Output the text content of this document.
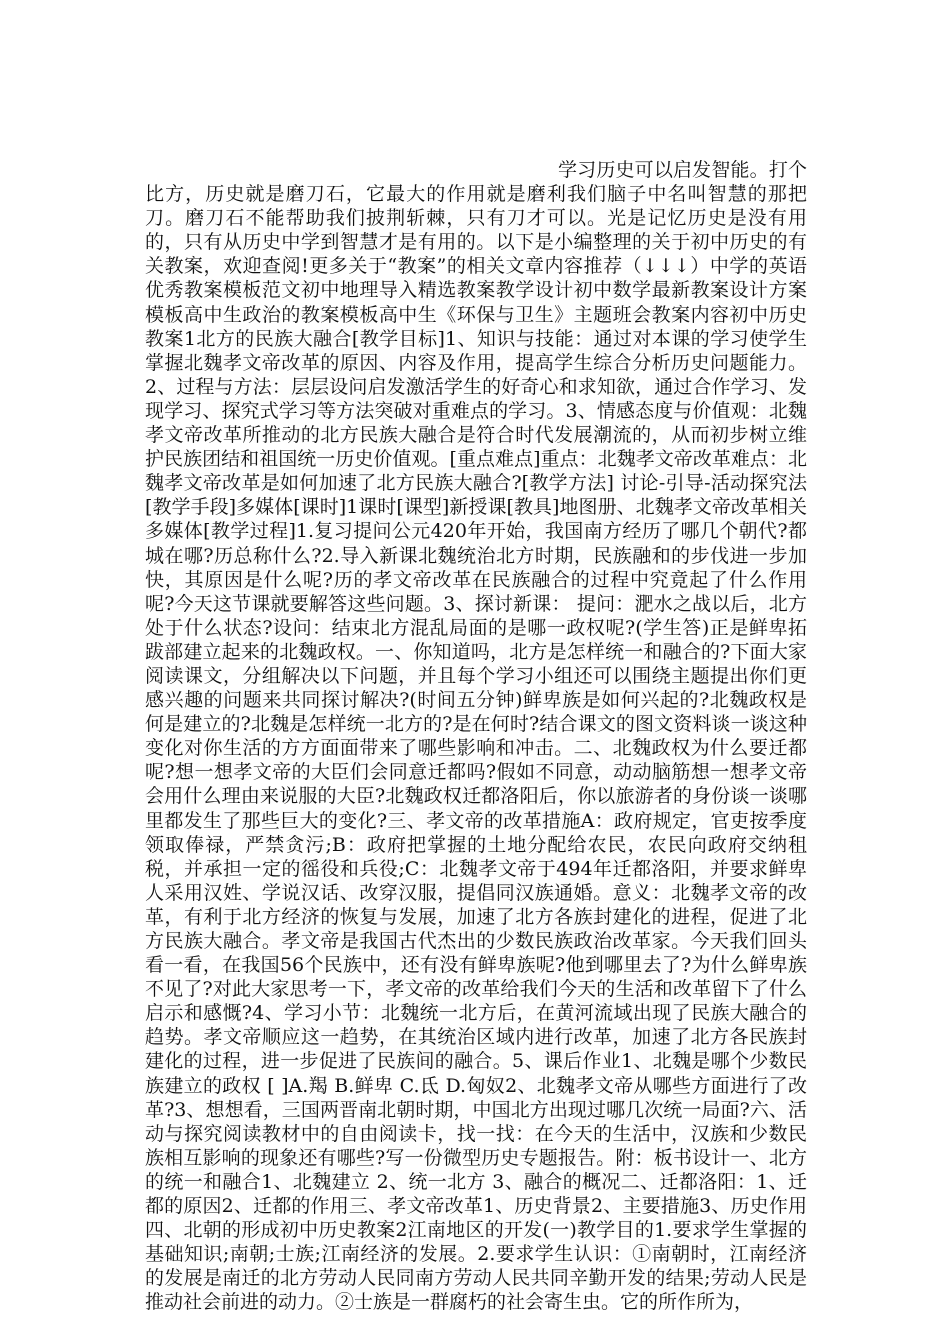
学习历史可以启发智能。打个比方，历史就是磨刀石，它最大的作用就是磨利我们脑子中名叫智慧的那把刀。磨刀石不能帮助我们披荆斩棘，只有刀才可以。光是记忆历史是没有用的，只有从历史中学到智慧才是有用的。以下是小编整理的关于初中历史的有关教案，欢迎查阅!更多关于“教案”的相关文章内容推荐（↓↓↓）中学的英语优秀教案模板范文初中地理导入精选教案教学设计初中数学最新教案设计方案模板高中生政治的教案模板高中生《环保与卫生》主题班会教案内容初中历史教案1北方的民族大融合[教学目标]1、知识与技能：通过对本课的学习使学生掌握北魏孝文帝改革的原因、内容及作用，提高学生综合分析历史问题能力。2、过程与方法：层层设问启发激活学生的好奇心和求知欲，通过合作学习、发现学习、探究式学习等方法突破对重难点的学习。3、情感态度与价值观：北魏孝文帝改革所推动的北方民族大融合是符合时代发展潮流的，从而初步树立维护民族团结和祖国统一历史价值观。[重点难点]重点：北魏孝文帝改革难点：北魏孝文帝改革是如何加速了北方民族大融合?[教学方法] 讨论-引导-活动探究法[教学手段]多媒体[课时]1课时[课型]新授课[教具]地图册、北魏孝文帝改革相关多媒体[教学过程]1.复习提问公元420年开始，我国南方经历了哪几个朝代?都城在哪?历总称什么?2.导入新课北魏统治北方时期，民族融和的步伐进一步加快，其原因是什么呢?历的孝文帝改革在民族融合的过程中究竟起了什么作用呢?今天这节课就要解答这些问题。3、探讨新课： 提问：淝水之战以后，北方处于什么状态?设问：结束北方混乱局面的是哪一政权呢?(学生答)正是鲜卑拓跋部建立起来的北魏政权。一、你知道吗，北方是怎样统一和融合的?下面大家阅读课文，分组解决以下问题，并且每个学习小组还可以围绕主题提出你们更感兴趣的问题来共同探讨解决?(时间五分钟)鲜卑族是如何兴起的?北魏政权是何是建立的?北魏是怎样统一北方的?是在何时?结合课文的图文资料谈一谈这种变化对你生活的方方面面带来了哪些影响和冲击。二、北魏政权为什么要迁都呢?想一想孝文帝的大臣们会同意迁都吗?假如不同意，动动脑筋想一想孝文帝会用什么理由来说服的大臣?北魏政权迁都洛阳后，你以旅游者的身份谈一谈哪里都发生了那些巨大的变化?三、孝文帝的改革措施A：政府规定，官吏按季度领取俸禄，严禁贪污;B：政府把掌握的土地分配给农民，农民向政府交纳租税，并承担一定的徭役和兵役;C：北魏孝文帝于494年迁都洛阳，并要求鲜卑人采用汉姓、学说汉话、改穿汉服，提倡同汉族通婚。意义：北魏孝文帝的改革，有利于北方经济的恢复与发展，加速了北方各族封建化的进程，促进了北方民族大融合。孝文帝是我国古代杰出的少数民族政治改革家。今天我们回头看一看，在我国56个民族中，还有没有鲜卑族呢?他到哪里去了?为什么鲜卑族不见了?对此大家思考一下，孝文帝的改革给我们今天的生活和改革留下了什么启示和感慨?4、学习小节：北魏统一北方后，在黄河流域出现了民族大融合的趋势。孝文帝顺应这一趋势，在其统治区域内进行改革，加速了北方各民族封建化的过程，进一步促进了民族间的融合。5、课后作业1、北魏是哪个少数民族建立的政权 [ ]A.羯 B.鲜卑 C.氐 D.匈奴2、北魏孝文帝从哪些方面进行了改革?3、想想看，三国两晋南北朝时期，中国北方出现过哪几次统一局面?六、活动与探究阅读教材中的自由阅读卡，找一找：在今天的生活中，汉族和少数民族相互影响的现象还有哪些?写一份微型历史专题报告。附：板书设计一、北方的统一和融合1、北魏建立 2、统一北方 3、融合的概况二、迁都洛阳：1、迁都的原因2、迁都的作用三、孝文帝改革1、历史背景2、主要措施3、历史作用四、北朝的形成初中历史教案2江南地区的开发(一)教学目的1.要求学生掌握的基础知识;南朝;士族;江南经济的发展。2.要求学生认识：①南朝时，江南经济的发展是南迁的北方劳动人民同南方劳动人民共同辛勤开发的结果;劳动人民是推动社会前进的动力。②士族是一群腐朽的社会寄生虫。它的所作所为，
